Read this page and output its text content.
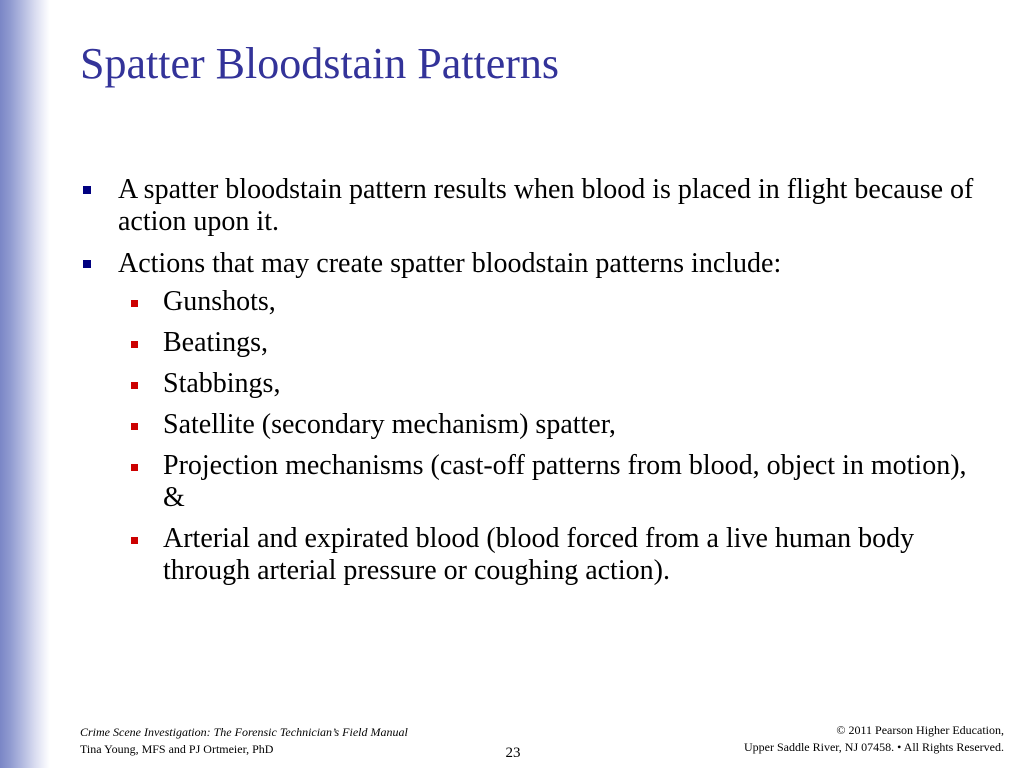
Spatter Bloodstain Patterns
A spatter bloodstain pattern results when blood is placed in flight because of action upon it.
Actions that may create spatter bloodstain patterns include:
Gunshots,
Beatings,
Stabbings,
Satellite (secondary mechanism) spatter,
Projection mechanisms (cast-off patterns from blood, object in motion), &
Arterial and expirated blood (blood forced from a live human body through arterial pressure or coughing action).
Crime Scene Investigation: The Forensic Technician’s Field Manual
Tina Young, MFS and PJ Ortmeier, PhD	23
© 2011 Pearson Higher Education,
Upper Saddle River, NJ 07458. • All Rights Reserved.
